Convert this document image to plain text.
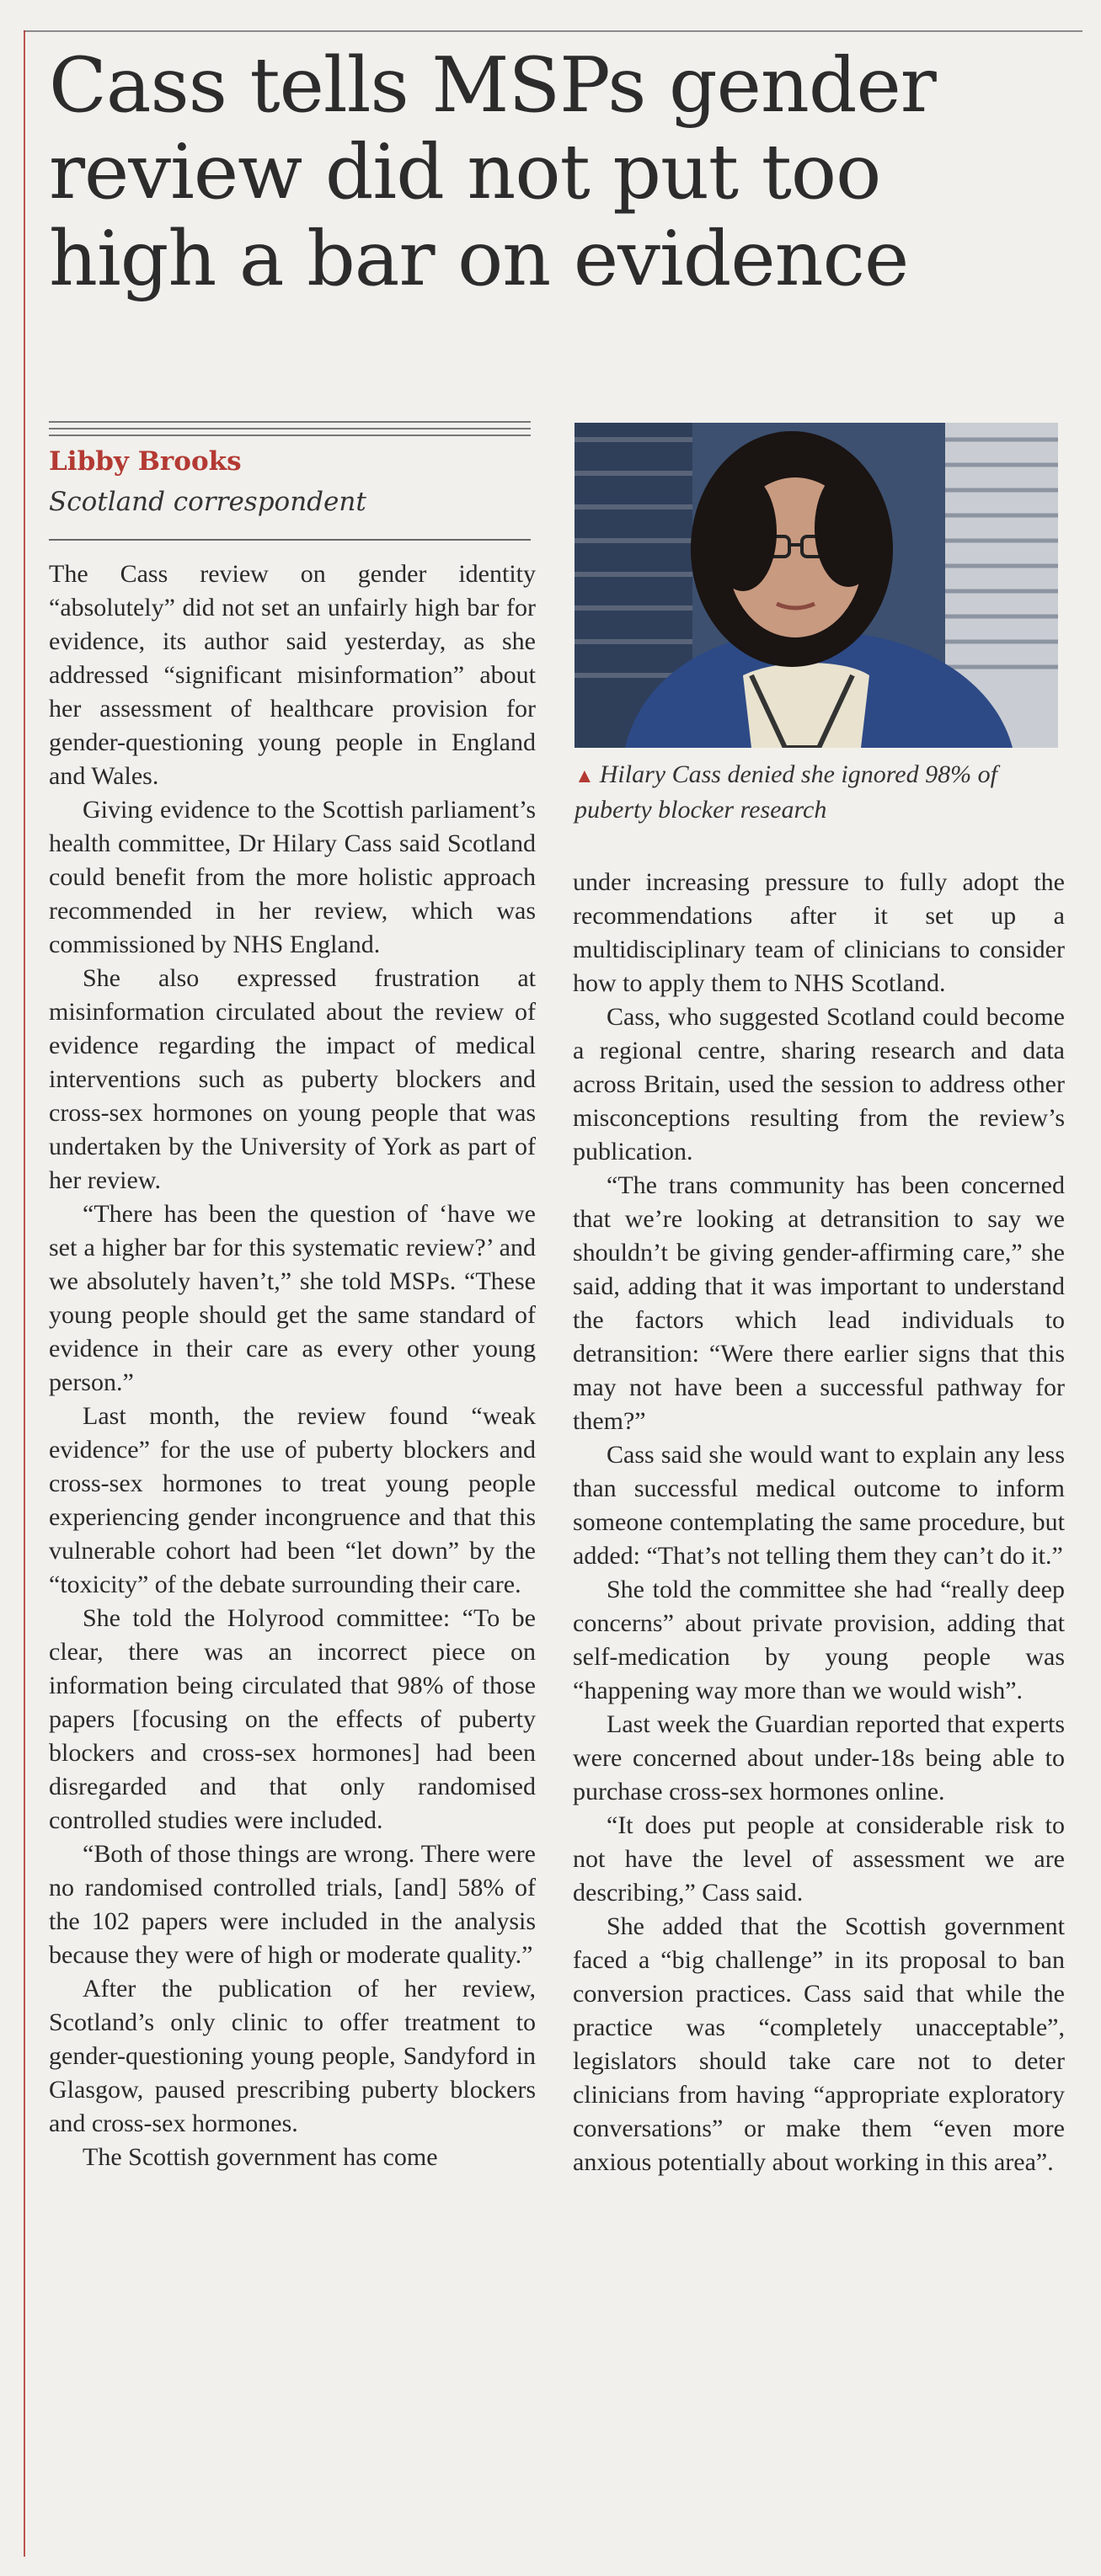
Cass tells MSPs gender review did not put too high a bar on evidence
Libby Brooks
Scotland correspondent

The Cass review on gender identity “absolutely” did not set an unfairly high bar for evidence, its author said yesterday, as she addressed “significant misinformation” about her assessment of healthcare provision for gender-questioning young people in England and Wales.

Giving evidence to the Scottish parliament’s health committee, Dr Hilary Cass said Scotland could benefit from the more holistic approach recommended in her review, which was commissioned by NHS England.

She also expressed frustration at misinformation circulated about the review of evidence regarding the impact of medical interventions such as puberty blockers and cross-sex hormones on young people that was undertaken by the University of York as part of her review.

“There has been the question of ‘have we set a higher bar for this systematic review?’ and we absolutely haven’t,” she told MSPs. “These young people should get the same standard of evidence in their care as every other young person.”

Last month, the review found “weak evidence” for the use of puberty blockers and cross-sex hormones to treat young people experiencing gender incongruence and that this vulnerable cohort had been “let down” by the “toxicity” of the debate surrounding their care.

She told the Holyrood committee: “To be clear, there was an incorrect piece on information being circulated that 98% of those papers [focusing on the effects of puberty blockers and cross-sex hormones] had been disregarded and that only randomised controlled studies were included.

“Both of those things are wrong. There were no randomised controlled trials, [and] 58% of the 102 papers were included in the analysis because they were of high or moderate quality.”

After the publication of her review, Scotland’s only clinic to offer treatment to gender-questioning young people, Sandyford in Glasgow, paused prescribing puberty blockers and cross-sex hormones.

The Scottish government has come

▲ Hilary Cass denied she ignored 98% of puberty blocker research

under increasing pressure to fully adopt the recommendations after it set up a multidisciplinary team of clinicians to consider how to apply them to NHS Scotland.

Cass, who suggested Scotland could become a regional centre, sharing research and data across Britain, used the session to address other misconceptions resulting from the review’s publication.

“The trans community has been concerned that we’re looking at detransition to say we shouldn’t be giving gender-affirming care,” she said, adding that it was important to understand the factors which lead individuals to detransition: “Were there earlier signs that this may not have been a successful pathway for them?”

Cass said she would want to explain any less than successful medical outcome to inform someone contemplating the same procedure, but added: “That’s not telling them they can’t do it.”

She told the committee she had “really deep concerns” about private provision, adding that self-medication by young people was “happening way more than we would wish”.

Last week the Guardian reported that experts were concerned about under-18s being able to purchase cross-sex hormones online.

“It does put people at considerable risk to not have the level of assessment we are describing,” Cass said.

She added that the Scottish government faced a “big challenge” in its proposal to ban conversion practices. Cass said that while the practice was “completely unacceptable”, legislators should take care not to deter clinicians from having “appropriate exploratory conversations” or make them “even more anxious potentially about working in this area”.
